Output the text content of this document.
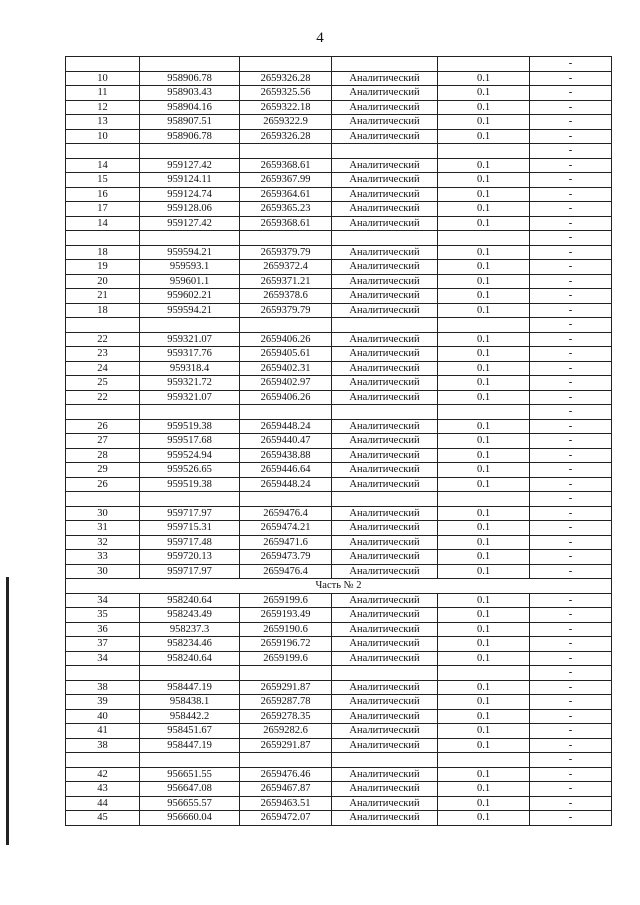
4
					-
10	958906.78	2659326.28	Аналитический	0.1	-
11	958903.43	2659325.56	Аналитический	0.1	-
12	958904.16	2659322.18	Аналитический	0.1	-
13	958907.51	2659322.9	Аналитический	0.1	-
10	958906.78	2659326.28	Аналитический	0.1	-
					-
14	959127.42	2659368.61	Аналитический	0.1	-
15	959124.11	2659367.99	Аналитический	0.1	-
16	959124.74	2659364.61	Аналитический	0.1	-
17	959128.06	2659365.23	Аналитический	0.1	-
14	959127.42	2659368.61	Аналитический	0.1	-
					-
18	959594.21	2659379.79	Аналитический	0.1	-
19	959593.1	2659372.4	Аналитический	0.1	-
20	959601.1	2659371.21	Аналитический	0.1	-
21	959602.21	2659378.6	Аналитический	0.1	-
18	959594.21	2659379.79	Аналитический	0.1	-
					-
22	959321.07	2659406.26	Аналитический	0.1	-
23	959317.76	2659405.61	Аналитический	0.1	-
24	959318.4	2659402.31	Аналитический	0.1	-
25	959321.72	2659402.97	Аналитический	0.1	-
22	959321.07	2659406.26	Аналитический	0.1	-
					-
26	959519.38	2659448.24	Аналитический	0.1	-
27	959517.68	2659440.47	Аналитический	0.1	-
28	959524.94	2659438.88	Аналитический	0.1	-
29	959526.65	2659446.64	Аналитический	0.1	-
26	959519.38	2659448.24	Аналитический	0.1	-
					-
30	959717.97	2659476.4	Аналитический	0.1	-
31	959715.31	2659474.21	Аналитический	0.1	-
32	959717.48	2659471.6	Аналитический	0.1	-
33	959720.13	2659473.79	Аналитический	0.1	-
30	959717.97	2659476.4	Аналитический	0.1	-
Часть № 2					
34	958240.64	2659199.6	Аналитический	0.1	-
35	958243.49	2659193.49	Аналитический	0.1	-
36	958237.3	2659190.6	Аналитический	0.1	-
37	958234.46	2659196.72	Аналитический	0.1	-
34	958240.64	2659199.6	Аналитический	0.1	-
					-
38	958447.19	2659291.87	Аналитический	0.1	-
39	958438.1	2659287.78	Аналитический	0.1	-
40	958442.2	2659278.35	Аналитический	0.1	-
41	958451.67	2659282.6	Аналитический	0.1	-
38	958447.19	2659291.87	Аналитический	0.1	-
					-
42	956651.55	2659476.46	Аналитический	0.1	-
43	956647.08	2659467.87	Аналитический	0.1	-
44	956655.57	2659463.51	Аналитический	0.1	-
45	956660.04	2659472.07	Аналитический	0.1	-
